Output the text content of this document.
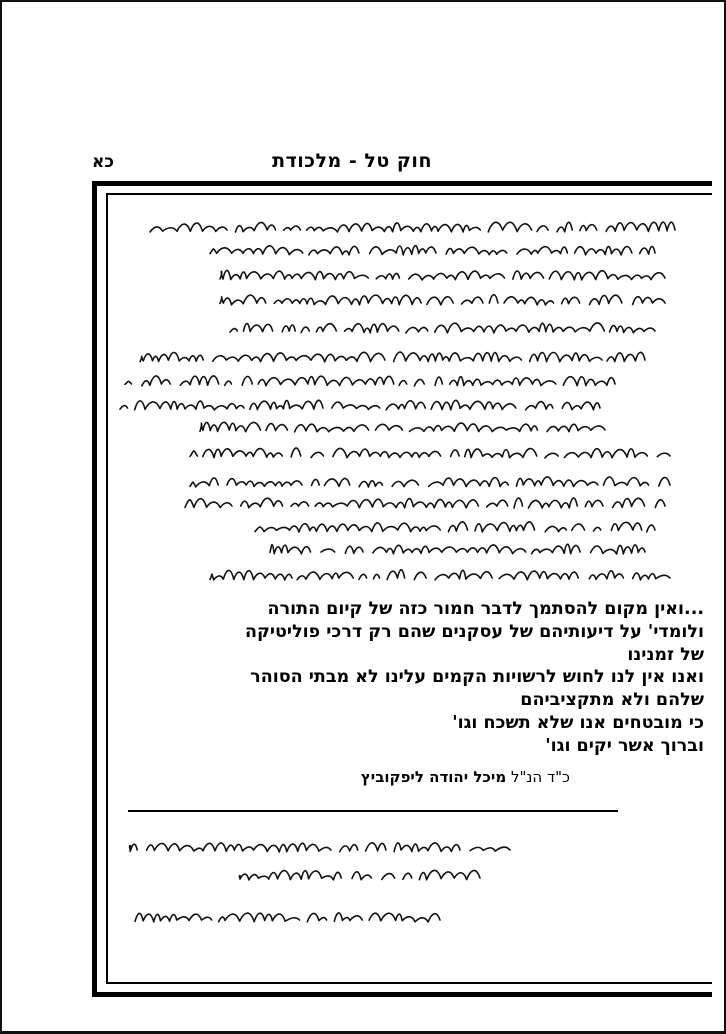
חוק טל - מלכודת
כא
...ואין מקום להסתמך לדבר חמור כזה של קיום התורה
ולומדי' על דיעותיהם של עסקנים שהם רק דרכי פוליטיקה
של זמנינו
ואנו אין לנו לחוש לרשויות הקמים עלינו לא מבתי הסוהר
שלהם ולא מתקציביהם
כי מובטחים אנו שלא תשכח וגו'
וברוך אשר יקים וגו'
כ"ד הנ"ל מיכל יהודה ליפקוביץ
